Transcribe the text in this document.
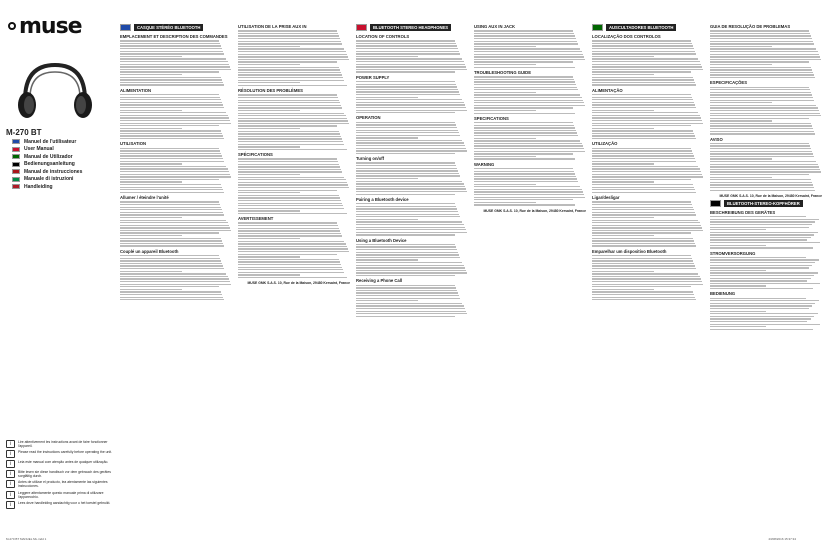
muse
M-270 BT
Manuel de l'utilisateur
User Manual
Manual de Utilizador
Bedienungsanleitung
Manual de instrucciones
Manuale di istruzioni
Handleiding
i	Lire attentivement les instructions avant de faire fonctionner l'appareil.
i	Please read the instructions carefully before operating the unit.
i	Leia este manual com atenção antes de qualquer utilização.
i	Bitte lesen sie diese handbuch vor dem gebrauch des gerätes sorgfältig durch.
i	Antes de utilizar el producto, lea atentamente las siguientes instrucciones.
i	Leggere attentamente questo manuale prima di utilizzare l'apparecchio.
i	Lees deze handleiding aandachtig voor u het toestel gebruikt.
CASQUE STÉRÉO BLUETOOTH
EMPLACEMENT ET DESCRIPTION DES COMMANDES
ALIMENTATION
UTILISATION
Allumer / éteindre l'unité
Couplé un appareil Bluetooth
UTILISATION DE LA PRISE AUX IN
RÉSOLUTION DES PROBLÈMES
SPÉCIFICATIONS
AVERTISSEMENT
MUSE GMK S.A.S. 10, Rue de la Maison, 29480 Kersaint, France
BLUETOOTH STEREO HEADPHONES
LOCATION OF CONTROLS
POWER SUPPLY
OPERATION
Turning on/off
Pairing a Bluetooth device
Using a Bluetooth Device
Receiving a Phone Call
USING AUX IN JACK
TROUBLESHOOTING GUIDE
SPECIFICATIONS
WARNING
MUSE GMK S.A.S. 10, Rue de la Maison, 29480 Kersaint, France
AUSCULTADORES BLUETOOTH
LOCALIZAÇÃO DOS CONTROLOS
ALIMENTAÇÃO
UTILIZAÇÃO
Ligar/desligar
Emparelhar um dispositivo Bluetooth
GUIA DE RESOLUÇÃO DE PROBLEMAS
ESPECIFICAÇÕES
AVISO
MUSE GMK S.A.S. 10, Rue de la Maison, 29480 Kersaint, France
BLUETOOTH-STEREO-KOPFHÖRER
BESCHREIBUNG DES GERÄTES
STROMVERSORGUNG
BEDIENUNG
M-270 BT MANUEL ML.indd 1	23/08/2016 15:37:34
